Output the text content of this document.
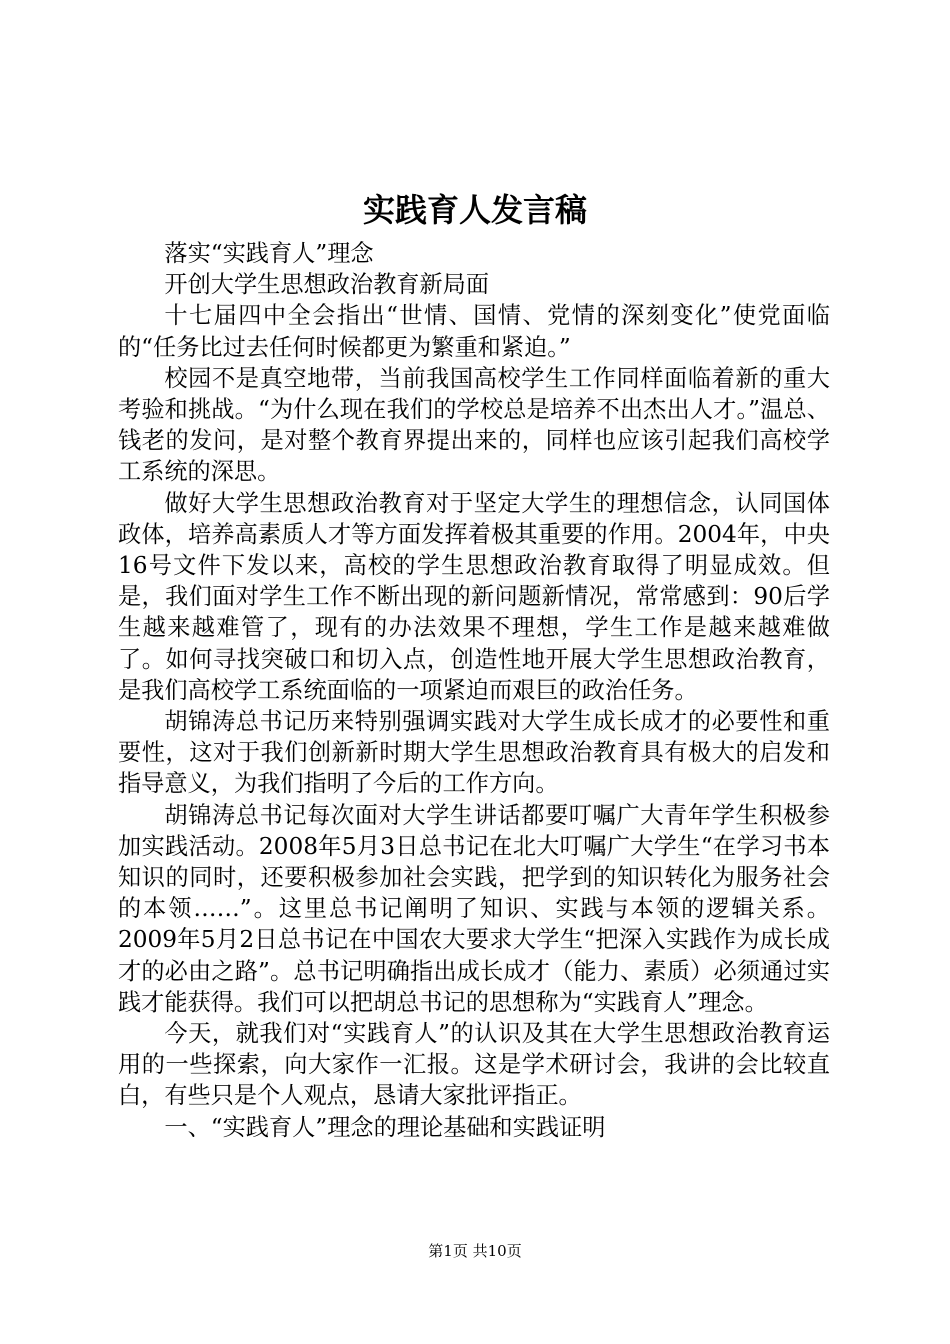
实践育人发言稿

落实“实践育人”理念

开创大学生思想政治教育新局面

十七届四中全会指出“世情、国情、党情的深刻变化”使党面临的“任务比过去任何时候都更为繁重和紧迫。”

校园不是真空地带，当前我国高校学生工作同样面临着新的重大考验和挑战。“为什么现在我们的学校总是培养不出杰出人才。”温总、钱老的发问，是对整个教育界提出来的，同样也应该引起我们高校学工系统的深思。

做好大学生思想政治教育对于坚定大学生的理想信念，认同国体政体，培养高素质人才等方面发挥着极其重要的作用。2004年，中央16号文件下发以来，高校的学生思想政治教育取得了明显成效。但是，我们面对学生工作不断出现的新问题新情况，常常感到：90后学生越来越难管了，现有的办法效果不理想，学生工作是越来越难做了。如何寻找突破口和切入点，创造性地开展大学生思想政治教育，是我们高校学工系统面临的一项紧迫而艰巨的政治任务。

胡锦涛总书记历来特别强调实践对大学生成长成才的必要性和重要性，这对于我们创新新时期大学生思想政治教育具有极大的启发和指导意义，为我们指明了今后的工作方向。

胡锦涛总书记每次面对大学生讲话都要叮嘱广大青年学生积极参加实践活动。2008年5月3日总书记在北大叮嘱广大学生“在学习书本知识的同时，还要积极参加社会实践，把学到的知识转化为服务社会的本领……”。这里总书记阐明了知识、实践与本领的逻辑关系。2009年5月2日总书记在中国农大要求大学生“把深入实践作为成长成才的必由之路”。总书记明确指出成长成才（能力、素质）必须通过实践才能获得。我们可以把胡总书记的思想称为“实践育人”理念。

今天，就我们对“实践育人”的认识及其在大学生思想政治教育运用的一些探索，向大家作一汇报。这是学术研讨会，我讲的会比较直白，有些只是个人观点，恳请大家批评指正。

一、“实践育人”理念的理论基础和实践证明

第1页 共10页
